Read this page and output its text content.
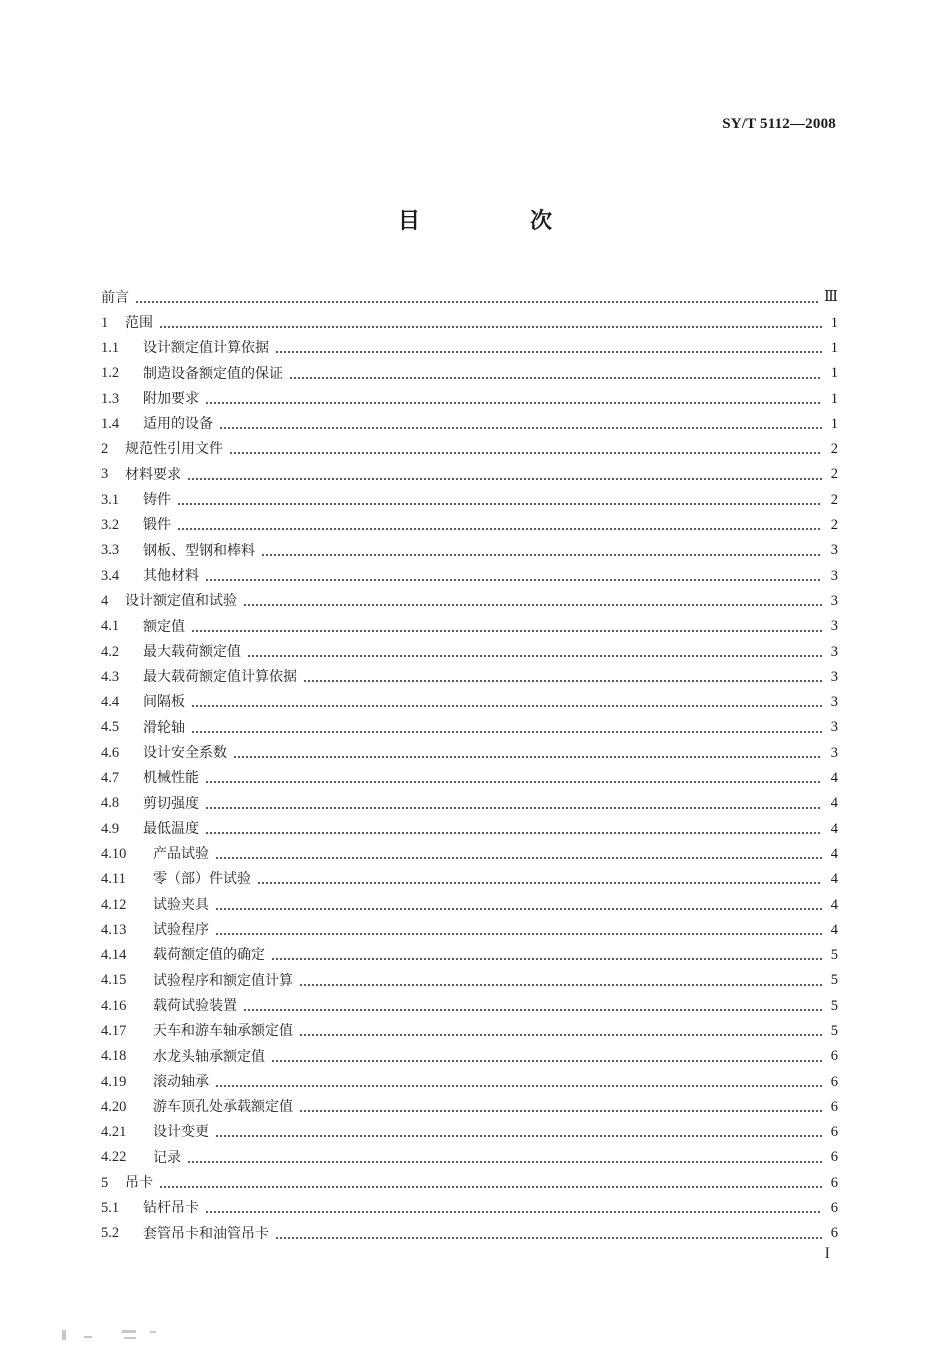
SY/T 5112—2008
目　次
前言	Ⅲ
1	范围	1
1.1	设计额定值计算依据	1
1.2	制造设备额定值的保证	1
1.3	附加要求	1
1.4	适用的设备	1
2	规范性引用文件	2
3	材料要求	2
3.1	铸件	2
3.2	锻件	2
3.3	钢板、型钢和棒料	3
3.4	其他材料	3
4	设计额定值和试验	3
4.1	额定值	3
4.2	最大载荷额定值	3
4.3	最大载荷额定值计算依据	3
4.4	间隔板	3
4.5	滑轮轴	3
4.6	设计安全系数	3
4.7	机械性能	4
4.8	剪切强度	4
4.9	最低温度	4
4.10	产品试验	4
4.11	零（部）件试验	4
4.12	试验夹具	4
4.13	试验程序	4
4.14	载荷额定值的确定	5
4.15	试验程序和额定值计算	5
4.16	载荷试验装置	5
4.17	天车和游车轴承额定值	5
4.18	水龙头轴承额定值	6
4.19	滚动轴承	6
4.20	游车顶孔处承载额定值	6
4.21	设计变更	6
4.22	记录	6
5	吊卡	6
5.1	钻杆吊卡	6
5.2	套管吊卡和油管吊卡	6
I
